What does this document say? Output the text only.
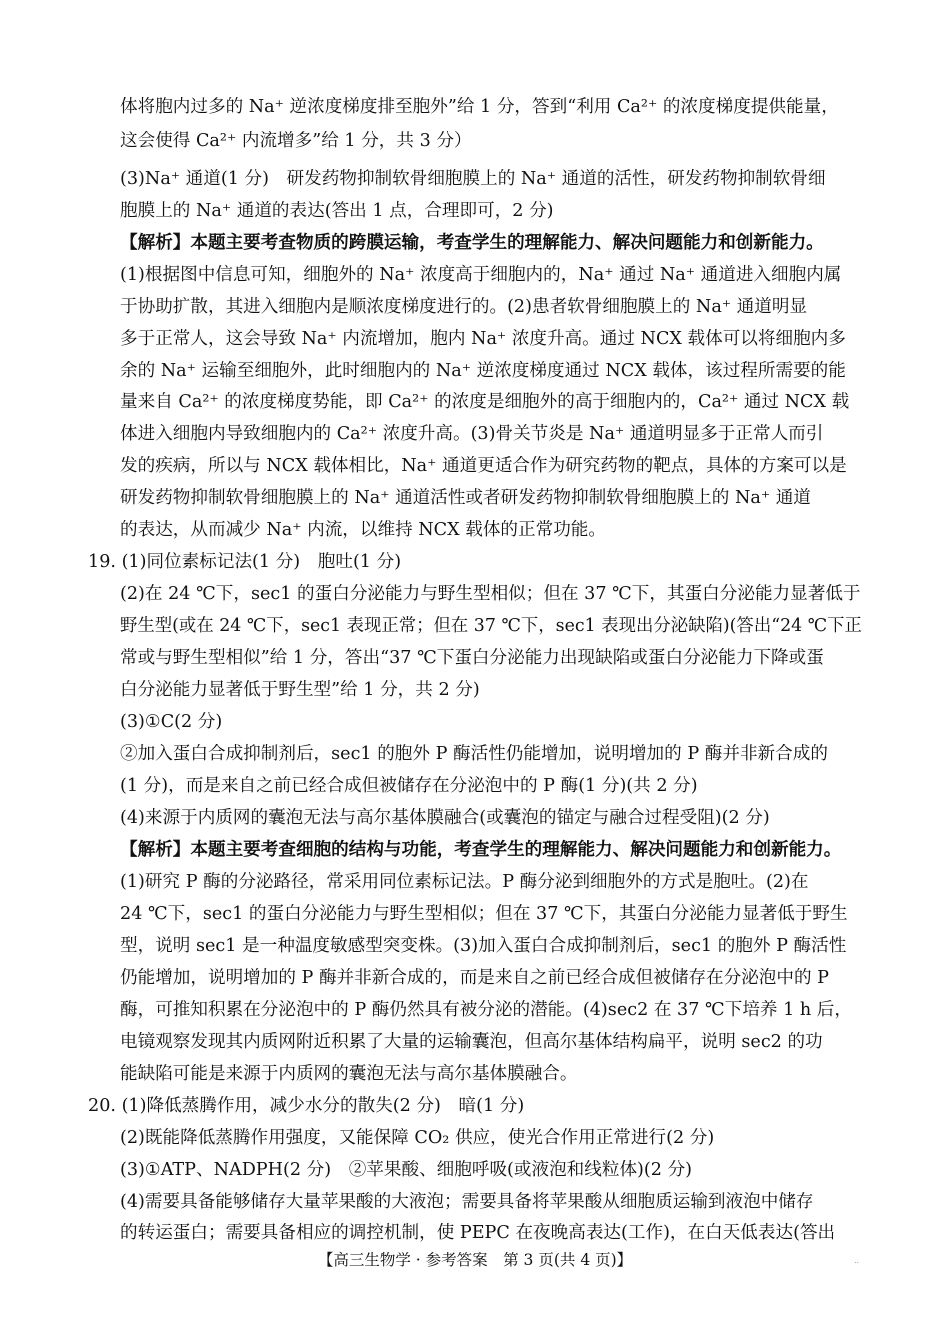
体将胞内过多的 Na⁺ 逆浓度梯度排至胞外”给 1 分，答到“利用 Ca²⁺ 的浓度梯度提供能量，
这会使得 Ca²⁺ 内流增多”给 1 分，共 3 分）
(3)Na⁺ 通道(1 分)　研发药物抑制软骨细胞膜上的 Na⁺ 通道的活性，研发药物抑制软骨细
胞膜上的 Na⁺ 通道的表达(答出 1 点，合理即可，2 分)
【解析】本题主要考查物质的跨膜运输，考查学生的理解能力、解决问题能力和创新能力。
(1)根据图中信息可知，细胞外的 Na⁺ 浓度高于细胞内的，Na⁺ 通过 Na⁺ 通道进入细胞内属
于协助扩散，其进入细胞内是顺浓度梯度进行的。(2)患者软骨细胞膜上的 Na⁺ 通道明显
多于正常人，这会导致 Na⁺ 内流增加，胞内 Na⁺ 浓度升高。通过 NCX 载体可以将细胞内多
余的 Na⁺ 运输至细胞外，此时细胞内的 Na⁺ 逆浓度梯度通过 NCX 载体，该过程所需要的能
量来自 Ca²⁺ 的浓度梯度势能，即 Ca²⁺ 的浓度是细胞外的高于细胞内的，Ca²⁺ 通过 NCX 载
体进入细胞内导致细胞内的 Ca²⁺ 浓度升高。(3)骨关节炎是 Na⁺ 通道明显多于正常人而引
发的疾病，所以与 NCX 载体相比，Na⁺ 通道更适合作为研究药物的靶点，具体的方案可以是
研发药物抑制软骨细胞膜上的 Na⁺ 通道活性或者研发药物抑制软骨细胞膜上的 Na⁺ 通道
的表达，从而减少 Na⁺ 内流，以维持 NCX 载体的正常功能。
19. (1)同位素标记法(1 分)　胞吐(1 分)
(2)在 24 ℃下，sec1 的蛋白分泌能力与野生型相似；但在 37 ℃下，其蛋白分泌能力显著低于
野生型(或在 24 ℃下，sec1 表现正常；但在 37 ℃下，sec1 表现出分泌缺陷)(答出“24 ℃下正
常或与野生型相似”给 1 分，答出“37 ℃下蛋白分泌能力出现缺陷或蛋白分泌能力下降或蛋
白分泌能力显著低于野生型”给 1 分，共 2 分)
(3)①C(2 分)
②加入蛋白合成抑制剂后，sec1 的胞外 P 酶活性仍能增加，说明增加的 P 酶并非新合成的
(1 分)，而是来自之前已经合成但被储存在分泌泡中的 P 酶(1 分)(共 2 分)
(4)来源于内质网的囊泡无法与高尔基体膜融合(或囊泡的锚定与融合过程受阻)(2 分)
【解析】本题主要考查细胞的结构与功能，考查学生的理解能力、解决问题能力和创新能力。
(1)研究 P 酶的分泌路径，常采用同位素标记法。P 酶分泌到细胞外的方式是胞吐。(2)在
24 ℃下，sec1 的蛋白分泌能力与野生型相似；但在 37 ℃下，其蛋白分泌能力显著低于野生
型，说明 sec1 是一种温度敏感型突变株。(3)加入蛋白合成抑制剂后，sec1 的胞外 P 酶活性
仍能增加，说明增加的 P 酶并非新合成的，而是来自之前已经合成但被储存在分泌泡中的 P
酶，可推知积累在分泌泡中的 P 酶仍然具有被分泌的潜能。(4)sec2 在 37 ℃下培养 1 h 后，
电镜观察发现其内质网附近积累了大量的运输囊泡，但高尔基体结构扁平，说明 sec2 的功
能缺陷可能是来源于内质网的囊泡无法与高尔基体膜融合。
20. (1)降低蒸腾作用，减少水分的散失(2 分)　暗(1 分)
(2)既能降低蒸腾作用强度，又能保障 CO₂ 供应，使光合作用正常进行(2 分)
(3)①ATP、NADPH(2 分)　②苹果酸、细胞呼吸(或液泡和线粒体)(2 分)
(4)需要具备能够储存大量苹果酸的大液泡；需要具备将苹果酸从细胞质运输到液泡中储存
的转运蛋白；需要具备相应的调控机制，使 PEPC 在夜晚高表达(工作)，在白天低表达(答出
【高三生物学 · 参考答案　第 3 页(共 4 页)】	..
